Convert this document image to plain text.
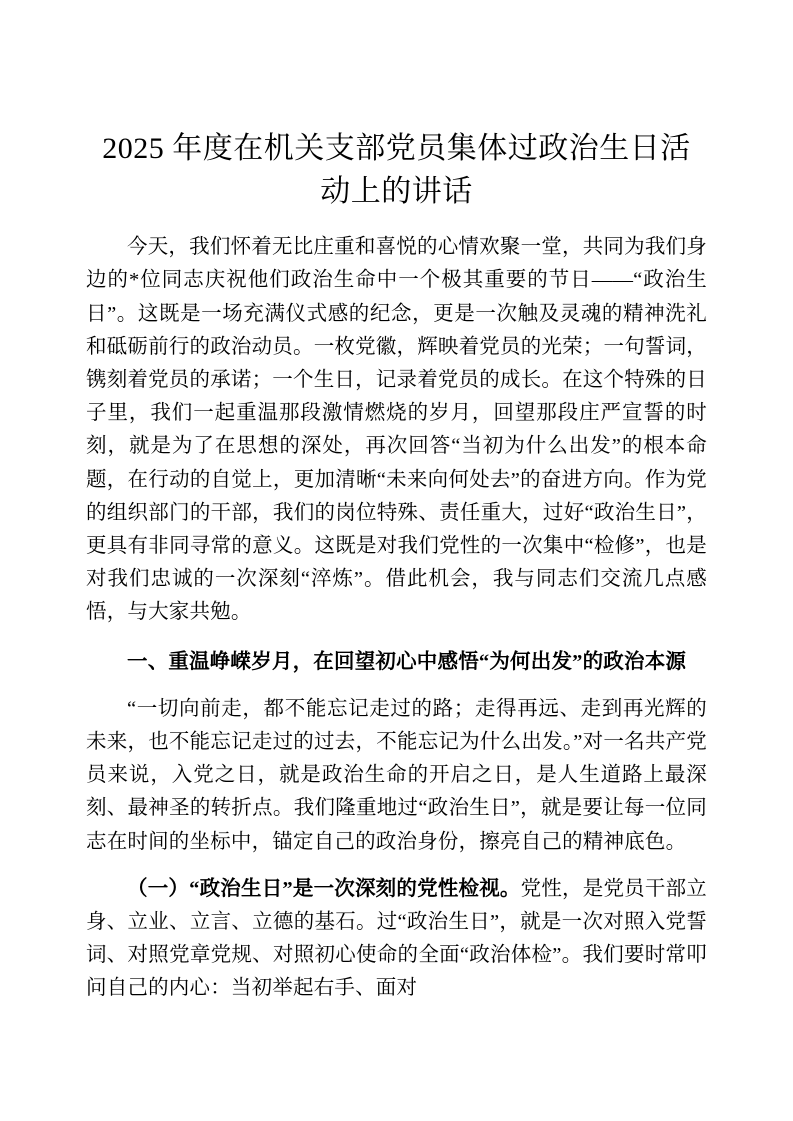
2025 年度在机关支部党员集体过政治生日活动上的讲话

今天，我们怀着无比庄重和喜悦的心情欢聚一堂，共同为我们身边的*位同志庆祝他们政治生命中一个极其重要的节日——“政治生日”。这既是一场充满仪式感的纪念，更是一次触及灵魂的精神洗礼和砥砺前行的政治动员。一枚党徽，辉映着党员的光荣；一句誓词，镌刻着党员的承诺；一个生日，记录着党员的成长。在这个特殊的日子里，我们一起重温那段激情燃烧的岁月，回望那段庄严宣誓的时刻，就是为了在思想的深处，再次回答“当初为什么出发”的根本命题，在行动的自觉上，更加清晰“未来向何处去”的奋进方向。作为党的组织部门的干部，我们的岗位特殊、责任重大，过好“政治生日”，更具有非同寻常的意义。这既是对我们党性的一次集中“检修”，也是对我们忠诚的一次深刻“淬炼”。借此机会，我与同志们交流几点感悟，与大家共勉。

一、重温峥嵘岁月，在回望初心中感悟“为何出发”的政治本源

“一切向前走，都不能忘记走过的路；走得再远、走到再光辉的未来，也不能忘记走过的过去，不能忘记为什么出发。”对一名共产党员来说，入党之日，就是政治生命的开启之日，是人生道路上最深刻、最神圣的转折点。我们隆重地过“政治生日”，就是要让每一位同志在时间的坐标中，锚定自己的政治身份，擦亮自己的精神底色。

（一）“政治生日”是一次深刻的党性检视。党性，是党员干部立身、立业、立言、立德的基石。过“政治生日”，就是一次对照入党誓词、对照党章党规、对照初心使命的全面“政治体检”。我们要时常叩问自己的内心：当初举起右手、面对
